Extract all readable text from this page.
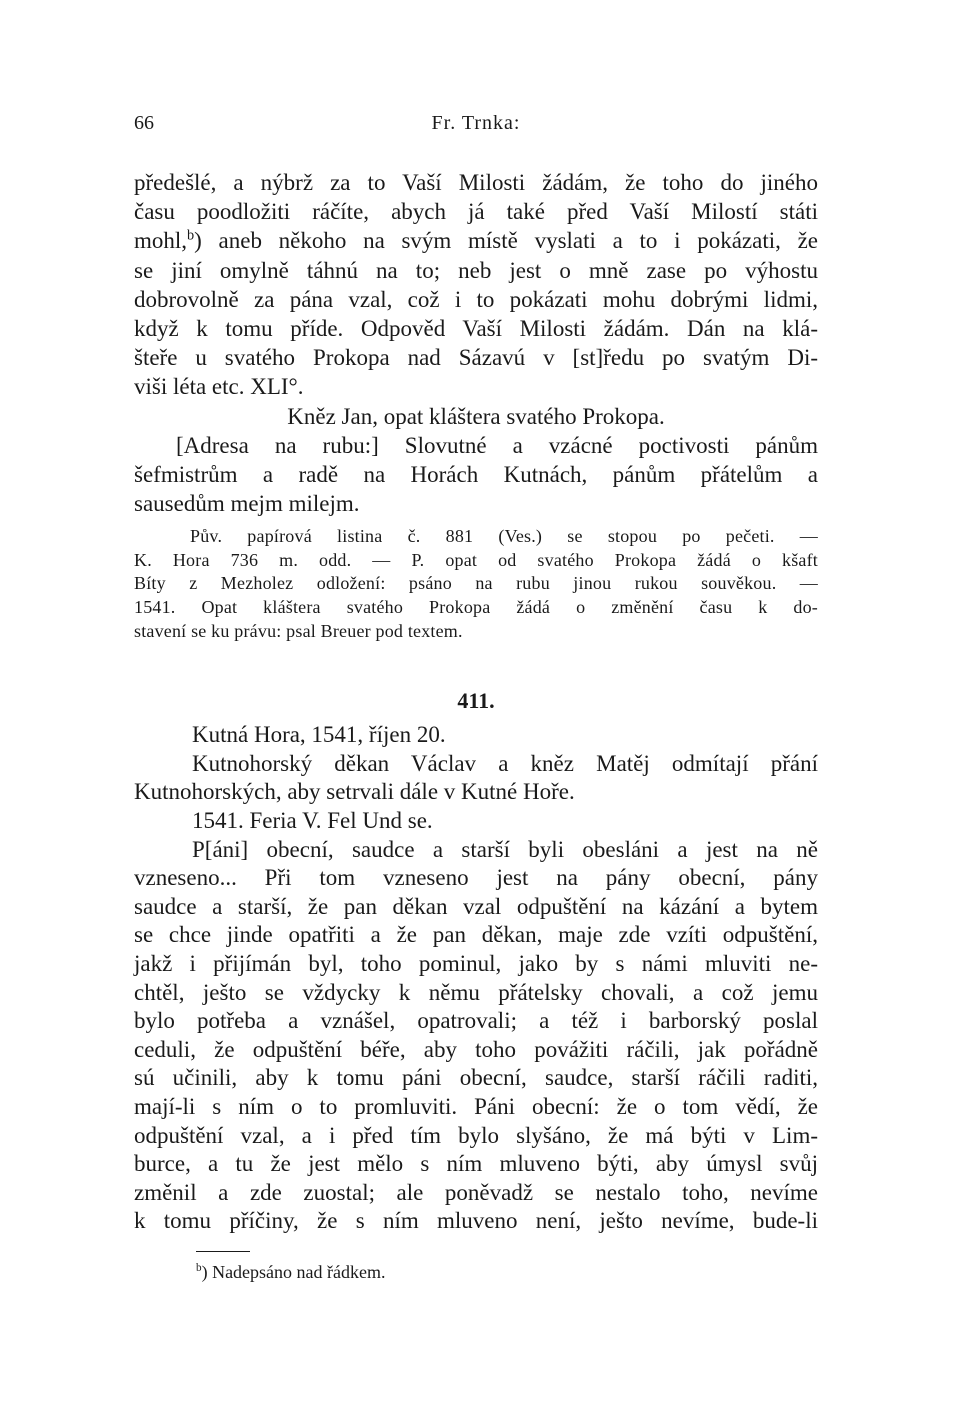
66	Fr. Trnka:
předešlé, a nýbrž za to Vaší Milosti žádám, že toho do jiného
času poodložiti ráčíte, abych já také před Vaší Milostí státi
mohl,$^b$) aneb někoho na svým místě vyslati a to i pokázati, že
se jiní omylně táhnú na to; neb jest o mně zase po výhostu
dobrovolně za pána vzal, což i to pokázati mohu dobrými lidmi,
když k tomu příde. Odpověd Vaší Milosti žádám. Dán na klá-
šteře u svatého Prokopa nad Sázavú v [st]ředu po svatým Di-
viši léta etc. XLI°.
Kněz Jan, opat kláštera svatého Prokopa.
[Adresa na rubu:] Slovutné a vzácné poctivosti pánům
šefmistrům a radě na Horách Kutnách, pánům přátelům a
sausedům mejm milejm.
Pův. papírová listina č. 881 (Ves.) se stopou po pečeti. —
K. Hora 736 m. odd. — P. opat od svatého Prokopa žádá o kšaft
Bíty z Mezholez odložení: psáno na rubu jinou rukou souvěkou. —
1541. Opat kláštera svatého Prokopa žádá o změnění času k do-
stavení se ku právu: psal Breuer pod textem.
411.
Kutná Hora, 1541, říjen 20.
Kutnohorský děkan Václav a kněz Matěj odmítají přání
Kutnohorských, aby setrvali dále v Kutné Hoře.
1541. Feria V. Fel Und se.
P[áni] obecní, saudce a starší byli obesláni a jest na ně
vzneseno... Při tom vzneseno jest na pány obecní, pány
saudce a starší, že pan děkan vzal odpuštění na kázání a bytem
se chce jinde opatřiti a že pan děkan, maje zde vzíti odpuštění,
jakž i přijímán byl, toho pominul, jako by s námi mluviti ne-
chtěl, ješto se vždycky k němu přátelsky chovali, a což jemu
bylo potřeba a vznášel, opatrovali; a též i barborský poslal
ceduli, že odpuštění béře, aby toho povážiti ráčili, jak pořádně
sú učinili, aby k tomu páni obecní, saudce, starší ráčili raditi,
mají-li s ním o to promluviti. Páni obecní: že o tom vědí, že
odpuštění vzal, a i před tím bylo slyšáno, že má býti v Lim-
burce, a tu že jest mělo s ním mluveno býti, aby úmysl svůj
změnil a zde zuostal; ale poněvadž se nestalo toho, nevíme
k tomu příčiny, že s ním mluveno není, ješto nevíme, bude-li
$^b$) Nadepsáno nad řádkem.
